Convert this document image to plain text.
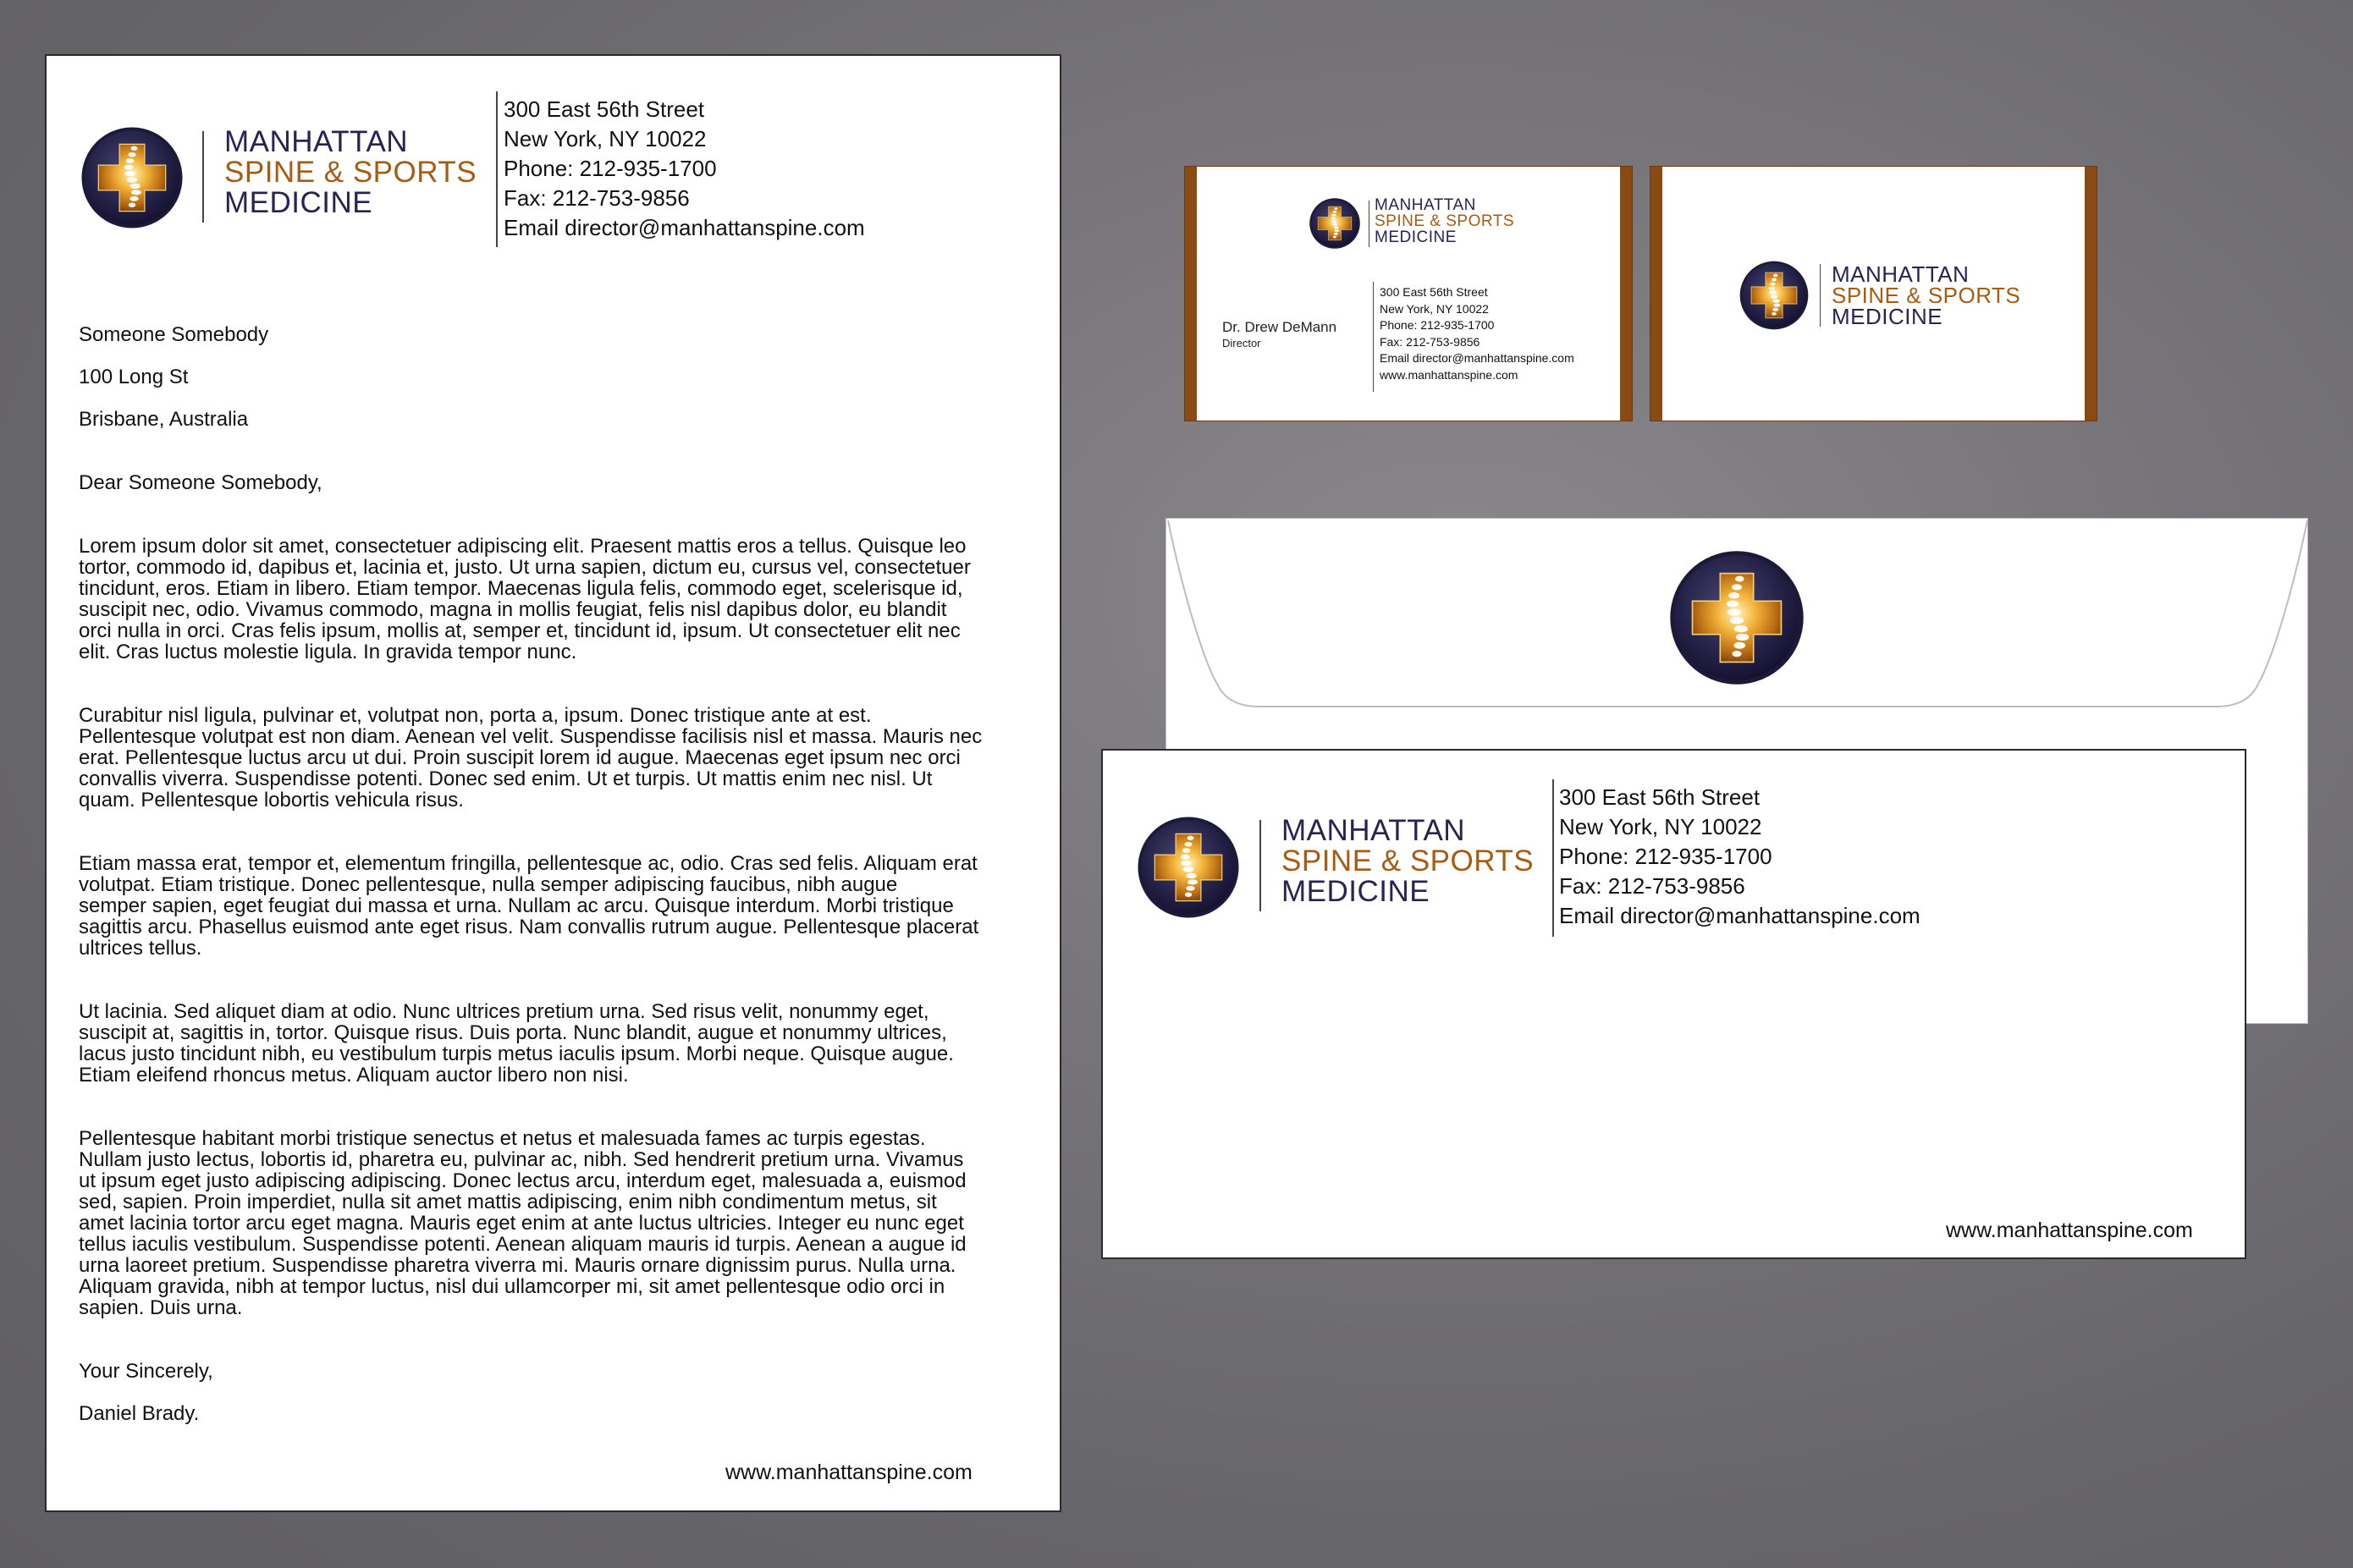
MANHATTAN
SPINE & SPORTS
MEDICINE
300 East 56th Street
New York, NY 10022
Phone: 212-935-1700
Fax: 212-753-9856
Email director@manhattanspine.com

Someone Somebody

100 Long St

Brisbane, Australia

Dear Someone Somebody,

Lorem ipsum dolor sit amet, consectetuer adipiscing elit. Praesent mattis eros a tellus. Quisque leo
tortor, commodo id, dapibus et, lacinia et, justo. Ut urna sapien, dictum eu, cursus vel, consectetuer
tincidunt, eros. Etiam in libero. Etiam tempor. Maecenas ligula felis, commodo eget, scelerisque id,
suscipit nec, odio. Vivamus commodo, magna in mollis feugiat, felis nisl dapibus dolor, eu blandit
orci nulla in orci. Cras felis ipsum, mollis at, semper et, tincidunt id, ipsum. Ut consectetuer elit nec
elit. Cras luctus molestie ligula. In gravida tempor nunc.

Curabitur nisl ligula, pulvinar et, volutpat non, porta a, ipsum. Donec tristique ante at est.
Pellentesque volutpat est non diam. Aenean vel velit. Suspendisse facilisis nisl et massa. Mauris nec
erat. Pellentesque luctus arcu ut dui. Proin suscipit lorem id augue. Maecenas eget ipsum nec orci
convallis viverra. Suspendisse potenti. Donec sed enim. Ut et turpis. Ut mattis enim nec nisl. Ut
quam. Pellentesque lobortis vehicula risus.

Etiam massa erat, tempor et, elementum fringilla, pellentesque ac, odio. Cras sed felis. Aliquam erat
volutpat. Etiam tristique. Donec pellentesque, nulla semper adipiscing faucibus, nibh augue
semper sapien, eget feugiat dui massa et urna. Nullam ac arcu. Quisque interdum. Morbi tristique
sagittis arcu. Phasellus euismod ante eget risus. Nam convallis rutrum augue. Pellentesque placerat
ultrices tellus.

Ut lacinia. Sed aliquet diam at odio. Nunc ultrices pretium urna. Sed risus velit, nonummy eget,
suscipit at, sagittis in, tortor. Quisque risus. Duis porta. Nunc blandit, augue et nonummy ultrices,
lacus justo tincidunt nibh, eu vestibulum turpis metus iaculis ipsum. Morbi neque. Quisque augue.
Etiam eleifend rhoncus metus. Aliquam auctor libero non nisi.

Pellentesque habitant morbi tristique senectus et netus et malesuada fames ac turpis egestas.
Nullam justo lectus, lobortis id, pharetra eu, pulvinar ac, nibh. Sed hendrerit pretium urna. Vivamus
ut ipsum eget justo adipiscing adipiscing. Donec lectus arcu, interdum eget, malesuada a, euismod
sed, sapien. Proin imperdiet, nulla sit amet mattis adipiscing, enim nibh condimentum metus, sit
amet lacinia tortor arcu eget magna. Mauris eget enim at ante luctus ultricies. Integer eu nunc eget
tellus iaculis vestibulum. Suspendisse potenti. Aenean aliquam mauris id turpis. Aenean a augue id
urna laoreet pretium. Suspendisse pharetra viverra mi. Mauris ornare dignissim purus. Nulla urna.
Aliquam gravida, nibh at tempor luctus, nisl dui ullamcorper mi, sit amet pellentesque odio orci in
sapien. Duis urna.

Your Sincerely,

Daniel Brady.

www.manhattanspine.com
MANHATTAN
SPINE & SPORTS
MEDICINE
Dr. Drew DeMann
Director
300 East 56th Street
New York, NY 10022
Phone: 212-935-1700
Fax: 212-753-9856
Email director@manhattanspine.com
www.manhattanspine.com
MANHATTAN
SPINE & SPORTS
MEDICINE
MANHATTAN
SPINE & SPORTS
MEDICINE
300 East 56th Street
New York, NY 10022
Phone: 212-935-1700
Fax: 212-753-9856
Email director@manhattanspine.com
www.manhattanspine.com
